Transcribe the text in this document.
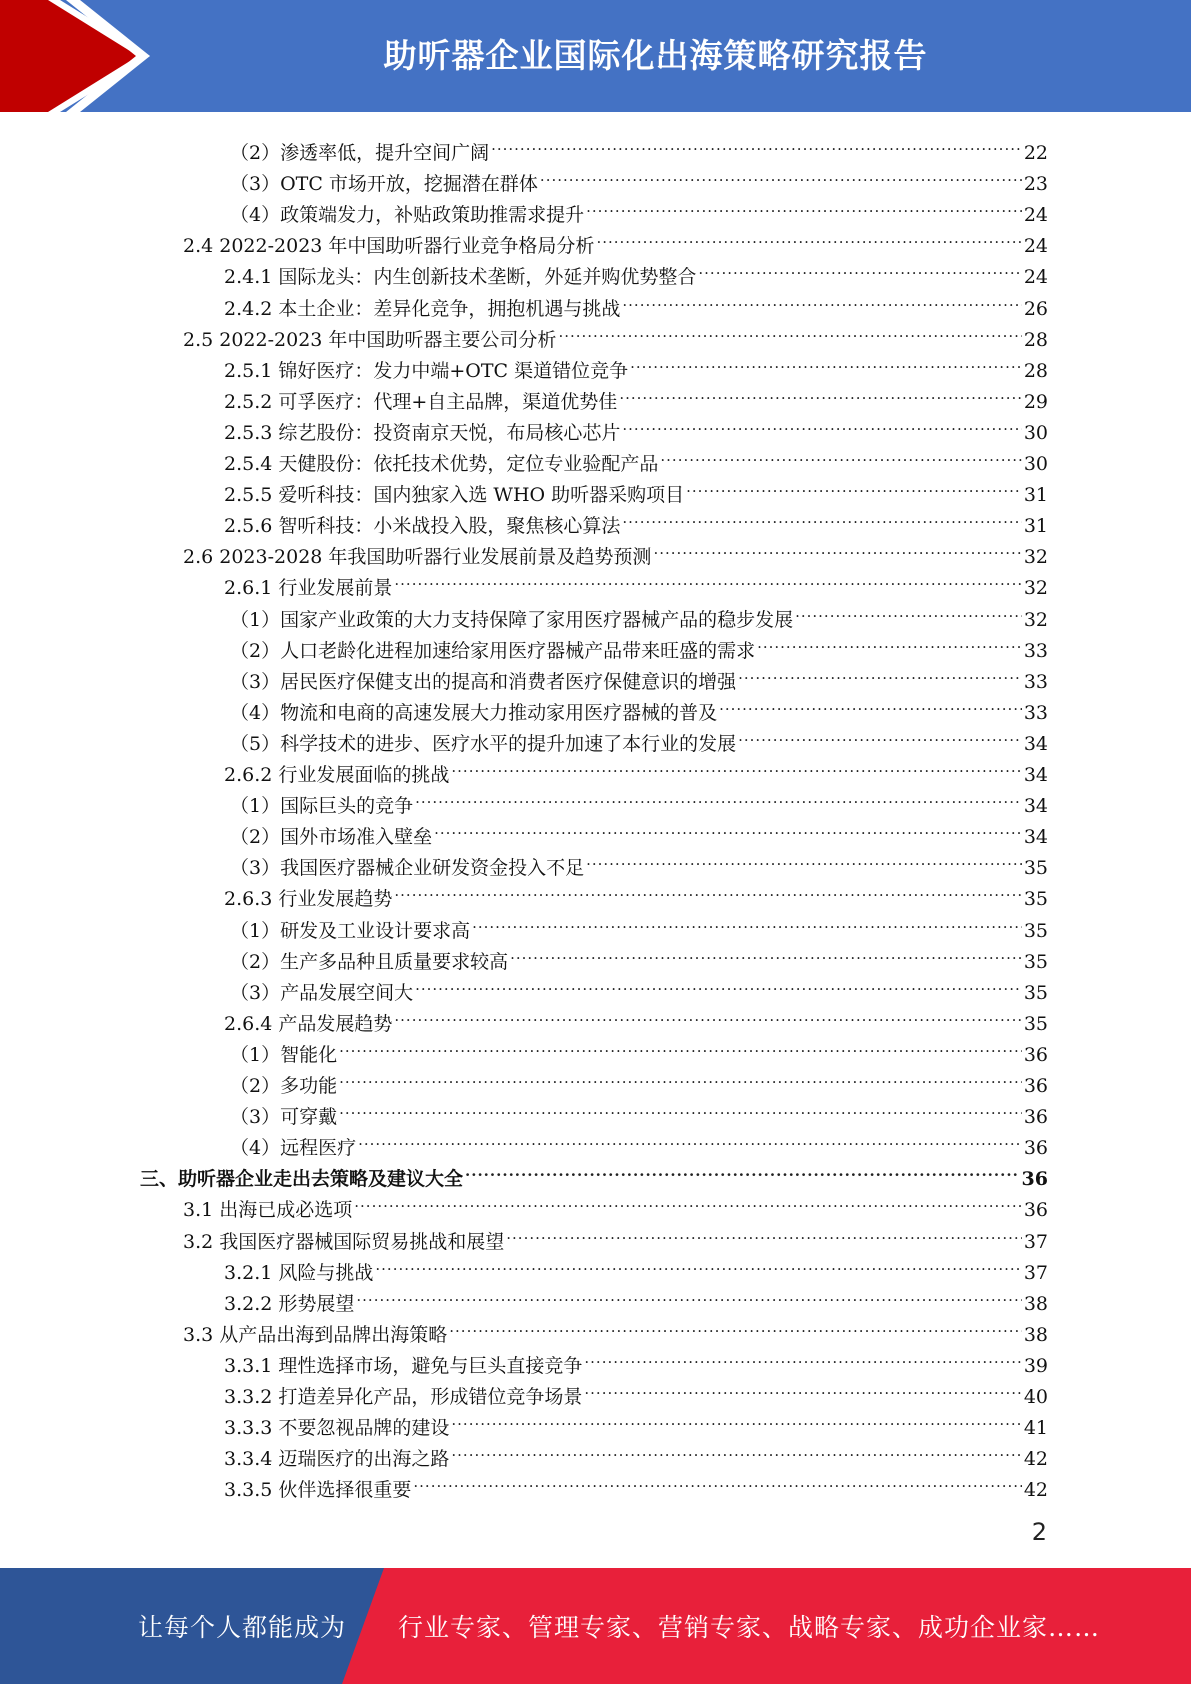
助听器企业国际化出海策略研究报告
（2）渗透率低，提升空间广阔 .....	22
（3）OTC 市场开放，挖掘潜在群体 .....	23
（4）政策端发力，补贴政策助推需求提升 .....	24
2.4 2022-2023 年中国助听器行业竞争格局分析 .....	24
2.4.1 国际龙头：内生创新技术垄断，外延并购优势整合 .....	24
2.4.2 本土企业：差异化竞争，拥抱机遇与挑战 .....	26
2.5 2022-2023 年中国助听器主要公司分析 .....	28
2.5.1 锦好医疗：发力中端+OTC 渠道错位竞争 .....	28
2.5.2 可孚医疗：代理+自主品牌，渠道优势佳 .....	29
2.5.3 综艺股份：投资南京天悦，布局核心芯片 .....	30
2.5.4 天健股份：依托技术优势，定位专业验配产品 .....	30
2.5.5 爱听科技：国内独家入选 WHO 助听器采购项目 .....	31
2.5.6 智听科技：小米战投入股，聚焦核心算法 .....	31
2.6 2023-2028 年我国助听器行业发展前景及趋势预测 .....	32
2.6.1 行业发展前景 .....	32
（1）国家产业政策的大力支持保障了家用医疗器械产品的稳步发展 .....	32
（2）人口老龄化进程加速给家用医疗器械产品带来旺盛的需求 .....	33
（3）居民医疗保健支出的提高和消费者医疗保健意识的增强 .....	33
（4）物流和电商的高速发展大力推动家用医疗器械的普及 .....	33
（5）科学技术的进步、医疗水平的提升加速了本行业的发展 .....	34
2.6.2 行业发展面临的挑战 .....	34
（1）国际巨头的竞争 .....	34
（2）国外市场准入壁垒 .....	34
（3）我国医疗器械企业研发资金投入不足 .....	35
2.6.3 行业发展趋势 .....	35
（1）研发及工业设计要求高 .....	35
（2）生产多品种且质量要求较高 .....	35
（3）产品发展空间大 .....	35
2.6.4 产品发展趋势 .....	35
（1）智能化 .....	36
（2）多功能 .....	36
（3）可穿戴 .....	36
（4）远程医疗 .....	36
三、助听器企业走出去策略及建议大全 .....	36
3.1 出海已成必选项 .....	36
3.2 我国医疗器械国际贸易挑战和展望 .....	37
3.2.1 风险与挑战 .....	37
3.2.2 形势展望 .....	38
3.3 从产品出海到品牌出海策略 .....	38
3.3.1 理性选择市场，避免与巨头直接竞争 .....	39
3.3.2 打造差异化产品，形成错位竞争场景 .....	40
3.3.3 不要忽视品牌的建设 .....	41
3.3.4 迈瑞医疗的出海之路 .....	42
3.3.5 伙伴选择很重要 .....	42
2
让每个人都能成为 行业专家、管理专家、营销专家、战略专家、成功企业家……
